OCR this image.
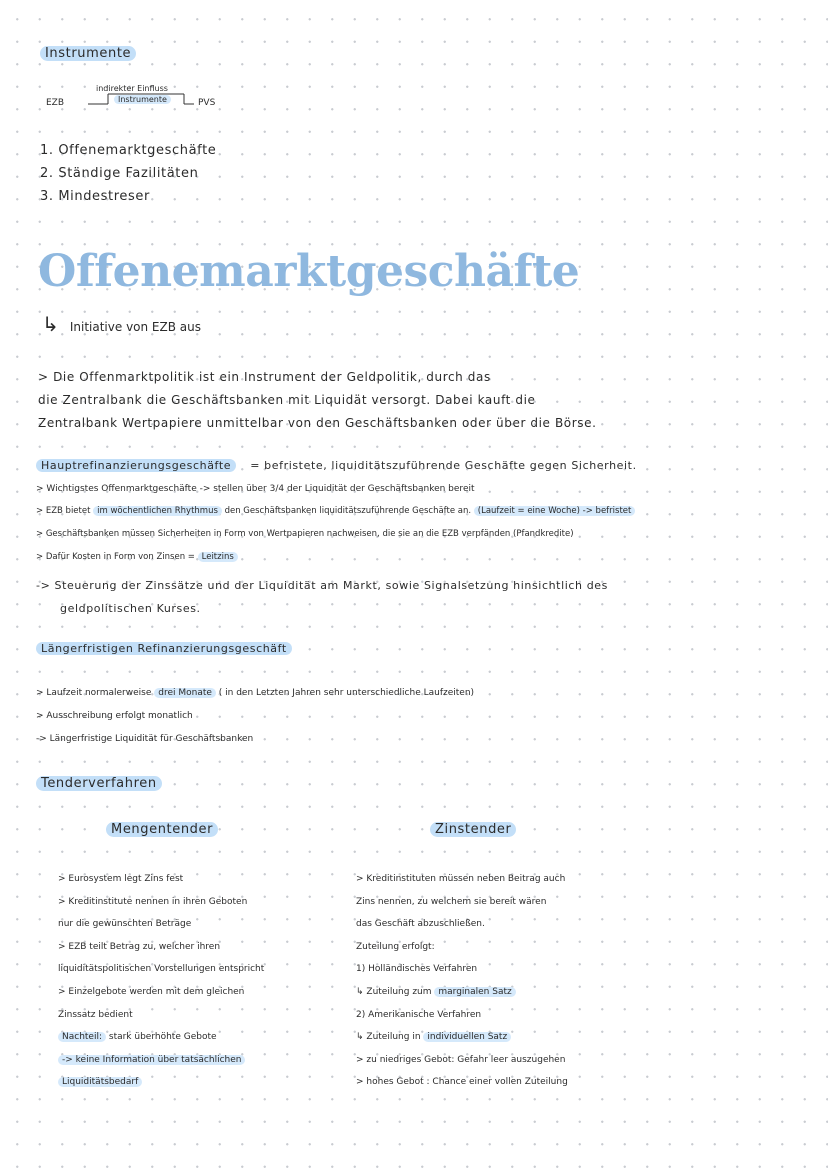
Instrumente
EZB
indirekter Einfluss
Instrumente	PVS
1. Offenemarktgeschäfte
2. Ständige Fazilitäten
3. Mindestreser
Offenemarktgeschäfte
↳ Initiative von EZB aus
> Die Offenmarktpolitik ist ein Instrument der Geldpolitik, durch das
die Zentralbank die Geschäftsbanken mit Liquidät versorgt. Dabei kauft die
Zentralbank Wertpapiere unmittelbar von den Geschäftsbanken oder über die Börse.
Hauptrefinanzierungsgeschäfte = befristete, liquiditätszuführende Geschäfte gegen Sicherheit.
> Wichtigstes Offenmarktgeschäfte -> stellen über 3/4 der Liquidität der Geschäftsbanken bereit
> EZB bietet im wöchentlichen Rhythmus den Geschäftsbanken liquiditätszuführende Geschäfte an. (Laufzeit = eine Woche) -> befristet
> Geschäftsbanken müssen Sicherheiten in Form von Wertpapieren nachweisen, die sie an die EZB verpfänden (Pfandkredite)
> Dafür Kosten in Form von Zinsen = Leitzins
-> Steuerung der Zinssätze und der Liquidität am Markt, sowie Signalsetzung hinsichtlich des
geldpolitischen Kurses.
Längerfristigen Refinanzierungsgeschäft
> Laufzeit normalerweise drei Monate ( in den Letzten Jahren sehr unterschiedliche Laufzeiten)
> Ausschreibung erfolgt monatlich
-> Längerfristige Liquidität für Geschäftsbanken
Tenderverfahren
Mengentender
> Eurosystem legt Zins fest
> Kreditinstitute nennen in ihren Geboten
nur die gewünschten Beträge
> EZB teilt Betrag zu, welcher ihren
liquiditätspolitischen Vorstellungen entspricht
> Einzelgebote werden mit dem gleichen
Zinssatz bedient
Nachteil: stark überhöhte Gebote
-> keine Information über tatsächlichen
Liquiditätsbedarf
Zinstender
> Kreditinstituten müssen neben Beitrag auch
Zins nennen, zu welchem sie bereit wären
das Geschäft abzuschließen.
Zuteilung erfolgt:
1) Holländisches Verfahren
↳ Zuteilung zum marginalen Satz
2) Amerikanische Verfahren
↳ Zuteilung in individuellen Satz
> zu niedriges Gebot: Gefahr leer auszugehen
> hohes Gebot : Chance einer vollen Zuteilung
